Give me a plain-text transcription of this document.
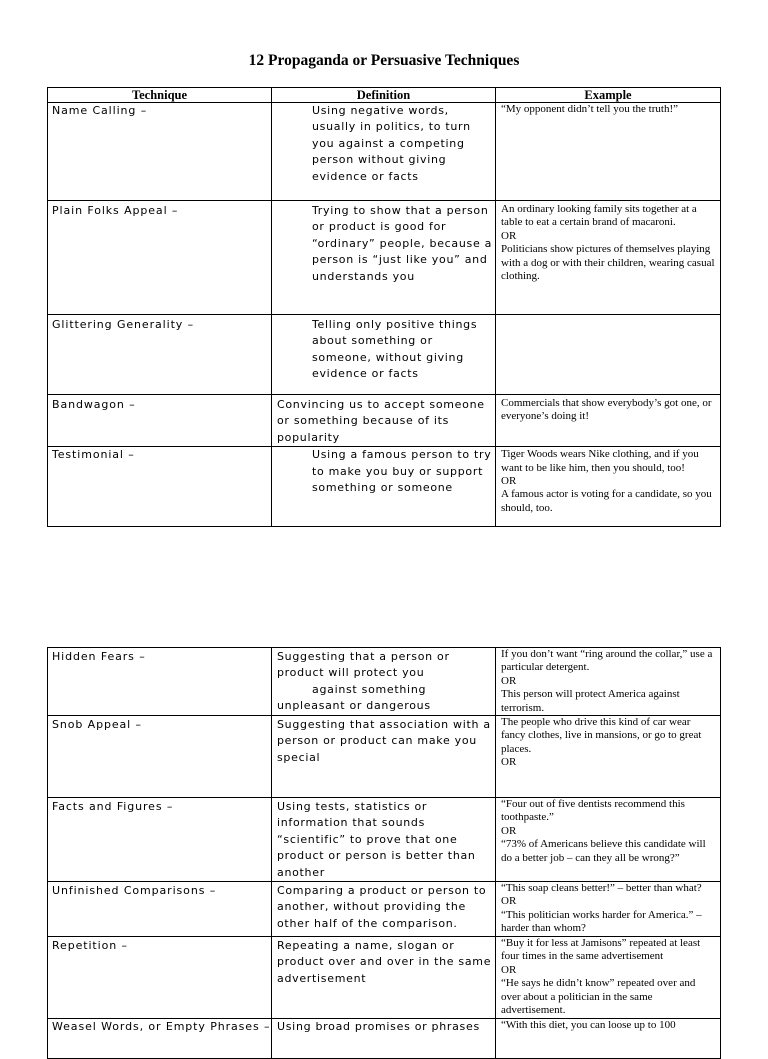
12 Propaganda or Persuasive Techniques
Technique	Definition	Example

Name Calling –	Using negative words, usually in politics, to turn you against a competing person without giving evidence or facts	“My opponent didn’t tell you the truth!”

Plain Folks Appeal –	Trying to show that a person or product is good for “ordinary” people, because a person is “just like you” and understands you	An ordinary looking family sits together at a table to eat a certain brand of macaroni.
OR
Politicians show pictures of themselves playing with a dog or with their children, wearing casual clothing.

Glittering Generality –	Telling only positive things about something or someone, without giving evidence or facts	

Bandwagon –	Convincing us to accept someone or something because of its popularity	Commercials that show everybody’s got one, or everyone’s doing it!

Testimonial –	Using a famous person to try to make you buy or support something or someone	Tiger Woods wears Nike clothing, and if you want to be like him, then you should, too!
OR
A famous actor is voting for a candidate, so you should, too.
Hidden Fears –	Suggesting that a person or product will protect you
against something
unpleasant or dangerous	If you don’t want “ring around the collar,” use a particular detergent.
OR
This person will protect America against terrorism.

Snob Appeal –	Suggesting that association with a person or product can make you special	The people who drive this kind of car wear fancy clothes, live in mansions, or go to great places.
OR

Facts and Figures –	Using tests, statistics or information that sounds “scientific” to prove that one product or person is better than another	“Four out of five dentists recommend this toothpaste.”
OR
“73% of Americans believe this candidate will do a better job – can they all be wrong?”

Unfinished Comparisons –	Comparing a product or person to another, without providing the other half of the comparison.	“This soap cleans better!” – better than what?
OR
“This politician works harder for America.” – harder than whom?

Repetition –	Repeating a name, slogan or product over and over in the same advertisement	“Buy it for less at Jamisons” repeated at least four times in the same advertisement
OR
“He says he didn’t know” repeated over and over about a politician in the same advertisement.

Weasel Words, or Empty Phrases –	Using broad promises or phrases	“With this diet, you can loose up to 100
